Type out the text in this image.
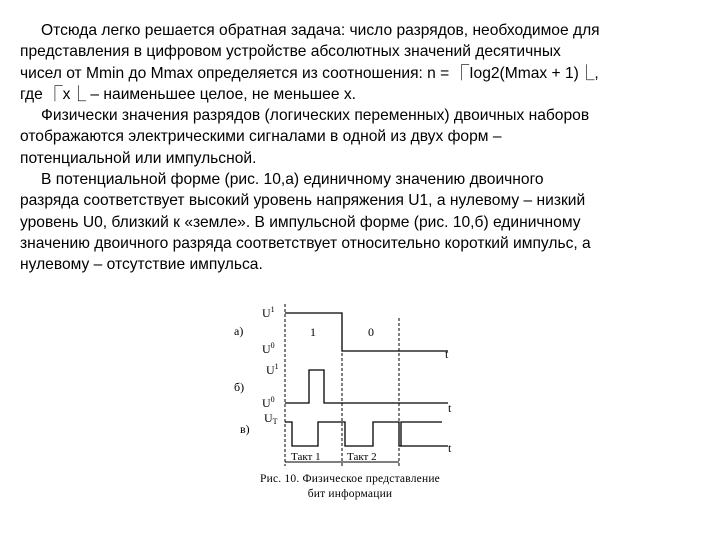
Отсюда легко решается обратная задача: число разрядов, необходимое для
представления в цифровом устройстве абсолютных значений десятичных
чисел от Mmin до Mmax определяется из соотношения: n = ⎾Iog2(Mmax + 1)⎿,
где ⎾х⎿ – наименьшее целое, не меньшее х.

Физически значения разрядов (логических переменных) двоичных наборов
отображаются электрическими сигналами в одной из двух форм –
потенциальной или импульсной.

В потенциальной форме (рис. 10,а) единичному значению двоичного
разряда соответствует высокий уровень напряжения U1, а нулевому – низкий
уровень U0, близкий к «земле». В импульсной форме (рис. 10,б) единичному
значению двоичного разряда соответствует относительно короткий импульс, а
нулевому – отсутствие импульса.

а)
б)
в)
$U^1$
$U^0$
$U^1$
$U^0$
UТ
1	0
t
t
t
Такт 1 Такт 2
Рис. 10. Физическое представление
бит информации
